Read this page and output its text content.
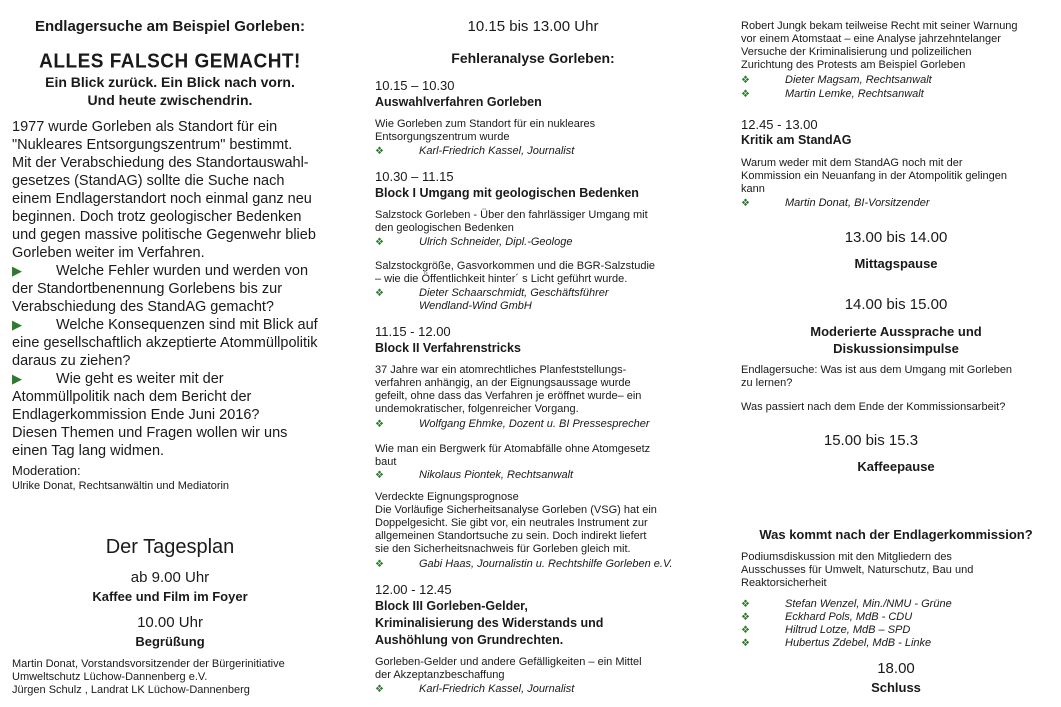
Endlagersuche am Beispiel Gorleben:
ALLES FALSCH GEMACHT!
Ein Blick zurück. Ein Blick nach vorn.
Und heute zwischendrin.
1977 wurde Gorleben als Standort für ein
"Nukleares Entsorgungszentrum" bestimmt.
Mit der Verabschiedung des Standortauswahl-
gesetzes (StandAG) sollte die Suche nach
einem Endlagerstandort noch einmal ganz neu
beginnen. Doch trotz geologischer Bedenken
und gegen massive politische Gegenwehr blieb
Gorleben weiter im Verfahren.
▶ Welche Fehler wurden und werden von
der Standortbenennung Gorlebens bis zur
Verabschiedung des StandAG gemacht?
▶ Welche Konsequenzen sind mit Blick auf
eine gesellschaftlich akzeptierte Atommüllpolitik
daraus zu ziehen?
▶ Wie geht es weiter mit der
Atommüllpolitik nach dem Bericht der
Endlagerkommission Ende Juni 2016?
Diesen Themen und Fragen wollen wir uns
einen Tag lang widmen.
Moderation:
Ulrike Donat, Rechtsanwältin und Mediatorin
Der Tagesplan
ab 9.00 Uhr
Kaffee und Film im Foyer
10.00 Uhr
Begrüßung
Martin Donat, Vorstandsvorsitzender der Bürgerinitiative
Umweltschutz Lüchow-Dannenberg e.V.
Jürgen Schulz , Landrat LK Lüchow-Dannenberg
10.15 bis 13.00 Uhr
Fehleranalyse Gorleben:
10.15 – 10.30
Auswahlverfahren Gorleben
Wie Gorleben zum Standort für ein nukleares
Entsorgungszentrum wurde
❖	Karl-Friedrich Kassel, Journalist
10.30 – 11.15
Block I Umgang mit geologischen Bedenken
Salzstock Gorleben - Über den fahrlässiger Umgang mit
den geologischen Bedenken
❖	Ulrich Schneider, Dipl.-Geologe
Salzstockgröße, Gasvorkommen und die BGR-Salzstudie
– wie die Öffentlichkeit hinter´ s Licht geführt wurde.
❖	Dieter Schaarschmidt, Geschäftsführer
Wendland-Wind GmbH
11.15 - 12.00
Block II Verfahrenstricks
37 Jahre war ein atomrechtliches Planfeststellungs-
verfahren anhängig, an der Eignungsaussage wurde
gefeilt, ohne dass das Verfahren je eröffnet wurde– ein
undemokratischer, folgenreicher Vorgang.
❖	Wolfgang Ehmke, Dozent u. BI Pressesprecher
Wie man ein Bergwerk für Atomabfälle ohne Atomgesetz
baut
❖	Nikolaus Piontek, Rechtsanwalt
Verdeckte Eignungsprognose
Die Vorläufige Sicherheitsanalyse Gorleben (VSG) hat ein
Doppelgesicht. Sie gibt vor, ein neutrales Instrument zur
allgemeinen Standortsuche zu sein. Doch indirekt liefert
sie den Sicherheitsnachweis für Gorleben gleich mit.
❖	Gabi Haas, Journalistin u. Rechtshilfe Gorleben e.V.
12.00 - 12.45
Block III Gorleben-Gelder,
Kriminalisierung des Widerstands und
Aushöhlung von Grundrechten.
Gorleben-Gelder und andere Gefälligkeiten – ein Mittel
der Akzeptanzbeschaffung
❖	Karl-Friedrich Kassel, Journalist
Robert Jungk bekam teilweise Recht mit seiner Warnung
vor einem Atomstaat – eine Analyse jahrzehntelanger
Versuche der Kriminalisierung und polizeilichen
Zurichtung des Protests am Beispiel Gorleben
❖	Dieter Magsam, Rechtsanwalt
❖	Martin Lemke, Rechtsanwalt
12.45 - 13.00
Kritik am StandAG
Warum weder mit dem StandAG noch mit der
Kommission ein Neuanfang in der Atompolitik gelingen
kann
❖	Martin Donat, BI-Vorsitzender
13.00 bis 14.00
Mittagspause
14.00 bis 15.00
Moderierte Aussprache und
Diskussionsimpulse
Endlagersuche: Was ist aus dem Umgang mit Gorleben
zu lernen?
Was passiert nach dem Ende der Kommissionsarbeit?
15.00 bis 15.3
Kaffeepause
Was kommt nach der Endlagerkommission?
Podiumsdiskussion mit den Mitgliedern des
Ausschusses für Umwelt, Naturschutz, Bau und
Reaktorsicherheit
❖	Stefan Wenzel, Min./NMU - Grüne
❖	Eckhard Pols, MdB - CDU
❖	Hiltrud Lotze, MdB – SPD
❖	Hubertus Zdebel, MdB - Linke
18.00
Schluss
